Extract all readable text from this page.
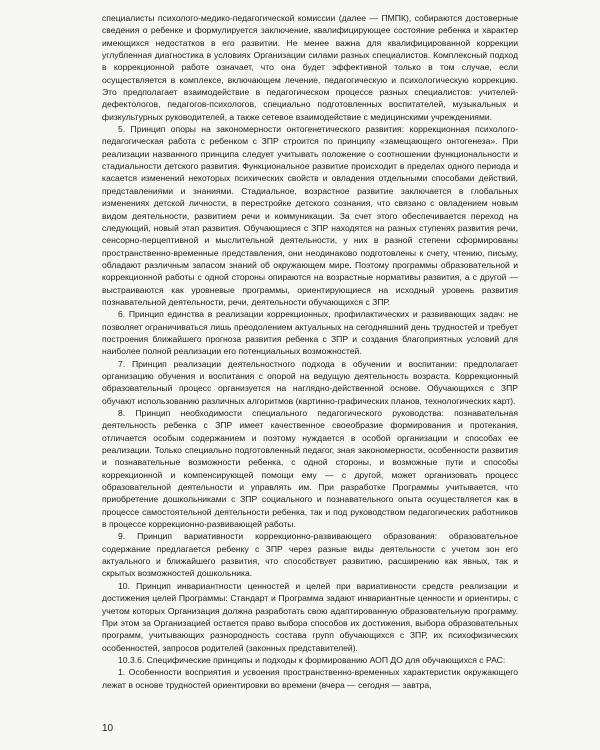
специалисты психолого-медико-педагогической комиссии (далее — ПМПК), собираются достоверные сведения о ребенке и формулируется заключение, квалифицирующее состояние ребенка и характер имеющихся недостатков в его развитии. Не менее важна для квалифицированной коррекции углубленная диагностика в условиях Организации силами разных специалистов. Комплексный подход в коррекционной работе означает, что она будет эффективной только в том случае, если осуществляется в комплексе, включающем лечение, педагогическую и психологическую коррекцию. Это предполагает взаимодействие в педагогическом процессе разных специалистов: учителей-дефектологов, педагогов-психологов, специально подготовленных воспитателей, музыкальных и физкультурных руководителей, а также сетевое взаимодействие с медицинскими учреждениями.

5. Принцип опоры на закономерности онтогенетического развития: коррекционная психолого-педагогическая работа с ребенком с ЗПР строится по принципу «замещающего онтогенеза». При реализации названного принципа следует учитывать положение о соотношении функциональности и стадиальности детского развития. Функциональное развитие происходит в пределах одного периода и касается изменений некоторых психических свойств и овладения отдельными способами действий, представлениями и знаниями. Стадиальное, возрастное развитие заключается в глобальных изменениях детской личности, в перестройке детского сознания, что связано с овладением новым видом деятельности, развитием речи и коммуникации. За счет этого обеспечивается переход на следующий, новый этап развития. Обучающиеся с ЗПР находятся на разных ступенях развития речи, сенсорно-перцептивной и мыслительной деятельности, у них в разной степени сформированы пространственно-временные представления, они неодинаково подготовлены к счету, чтению, письму, обладают различным запасом знаний об окружающем мире. Поэтому программы образовательной и коррекционной работы с одной стороны опираются на возрастные нормативы развития, а с другой — выстраиваются как уровневые программы, ориентирующиеся на исходный уровень развития познавательной деятельности, речи, деятельности обучающихся с ЗПР.

6. Принцип единства в реализации коррекционных, профилактических и развивающих задач: не позволяет ограничиваться лишь преодолением актуальных на сегодняшний день трудностей и требует построения ближайшего прогноза развития ребенка с ЗПР и создания благоприятных условий для наиболее полной реализации его потенциальных возможностей.

7. Принцип реализации деятельностного подхода в обучении и воспитании: предполагает организацию обучения и воспитания с опорой на ведущую деятельность возраста. Коррекционный образовательный процесс организуется на наглядно-действенной основе. Обучающихся с ЗПР обучают использованию различных алгоритмов (картинно-графических планов, технологических карт).

8. Принцип необходимости специального педагогического руководства: познавательная деятельность ребенка с ЗПР имеет качественное своеобразие формирования и протекания, отличается особым содержанием и поэтому нуждается в особой организации и способах ее реализации. Только специально подготовленный педагог, зная закономерности, особенности развития и познавательные возможности ребенка, с одной стороны, и возможные пути и способы коррекционной и компенсирующей помощи ему — с другой, может организовать процесс образовательной деятельности и управлять им. При разработке Программы учитывается, что приобретение дошкольниками с ЗПР социального и познавательного опыта осуществляется как в процессе самостоятельной деятельности ребенка, так и под руководством педагогических работников в процессе коррекционно-развивающей работы.

9. Принцип вариативности коррекционно-развивающего образования: образовательное содержание предлагается ребенку с ЗПР через разные виды деятельности с учетом зон его актуального и ближайшего развития, что способствует развитию, расширению как явных, так и скрытых возможностей дошкольника.

10. Принцип инвариантности ценностей и целей при вариативности средств реализации и достижения целей Программы: Стандарт и Программа задают инвариантные ценности и ориентиры, с учетом которых Организация должна разработать свою адаптированную образовательную программу. При этом за Организацией остается право выбора способов их достижения, выбора образовательных программ, учитывающих разнородность состава групп обучающихся с ЗПР, их психофизических особенностей, запросов родителей (законных представителей).

10.3.6. Специфические принципы и подходы к формированию АОП ДО для обучающихся с РАС:

1. Особенности восприятия и усвоения пространственно-временных характеристик окружающего лежат в основе трудностей ориентировки во времени (вчера — сегодня — завтра,

10
